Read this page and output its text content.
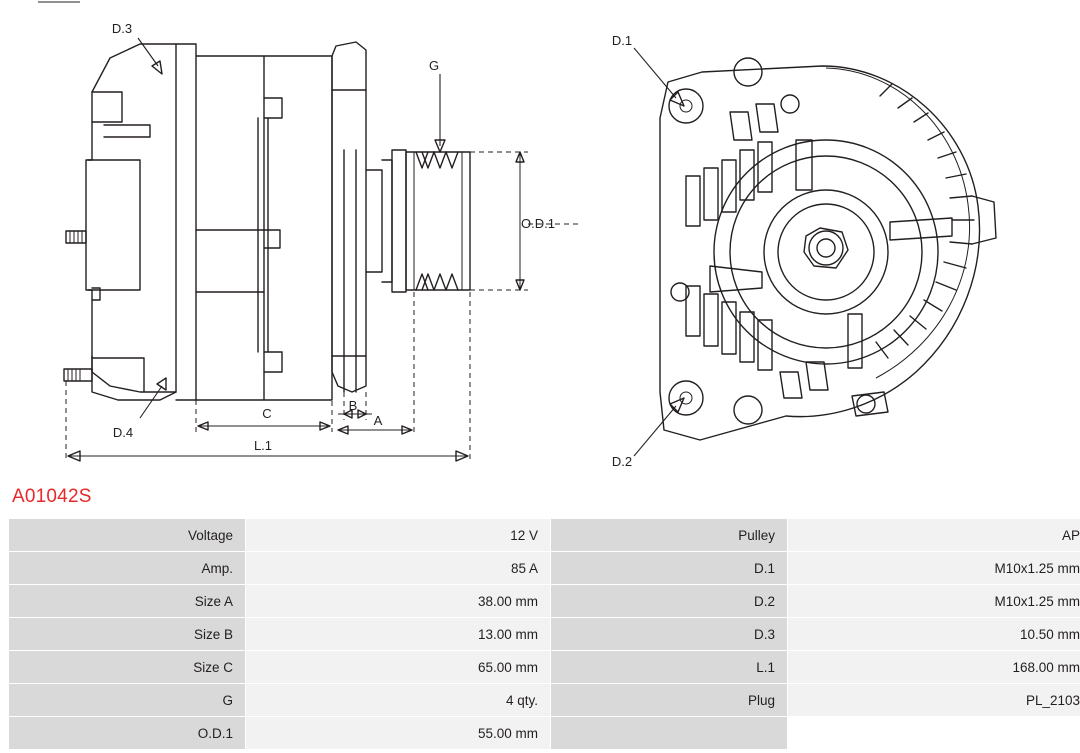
O.D.1
G
D.3
D.4
C
B
A
L.1
D.1
D.2
A01042S
Voltage	12 V	Pulley	AP
Amp.	85 A	D.1	M10x1.25 mm
Size A	38.00 mm	D.2	M10x1.25 mm
Size B	13.00 mm	D.3	10.50 mm
Size C	65.00 mm	L.1	168.00 mm
G	4 qty.	Plug	PL_2103
O.D.1	55.00 mm		
